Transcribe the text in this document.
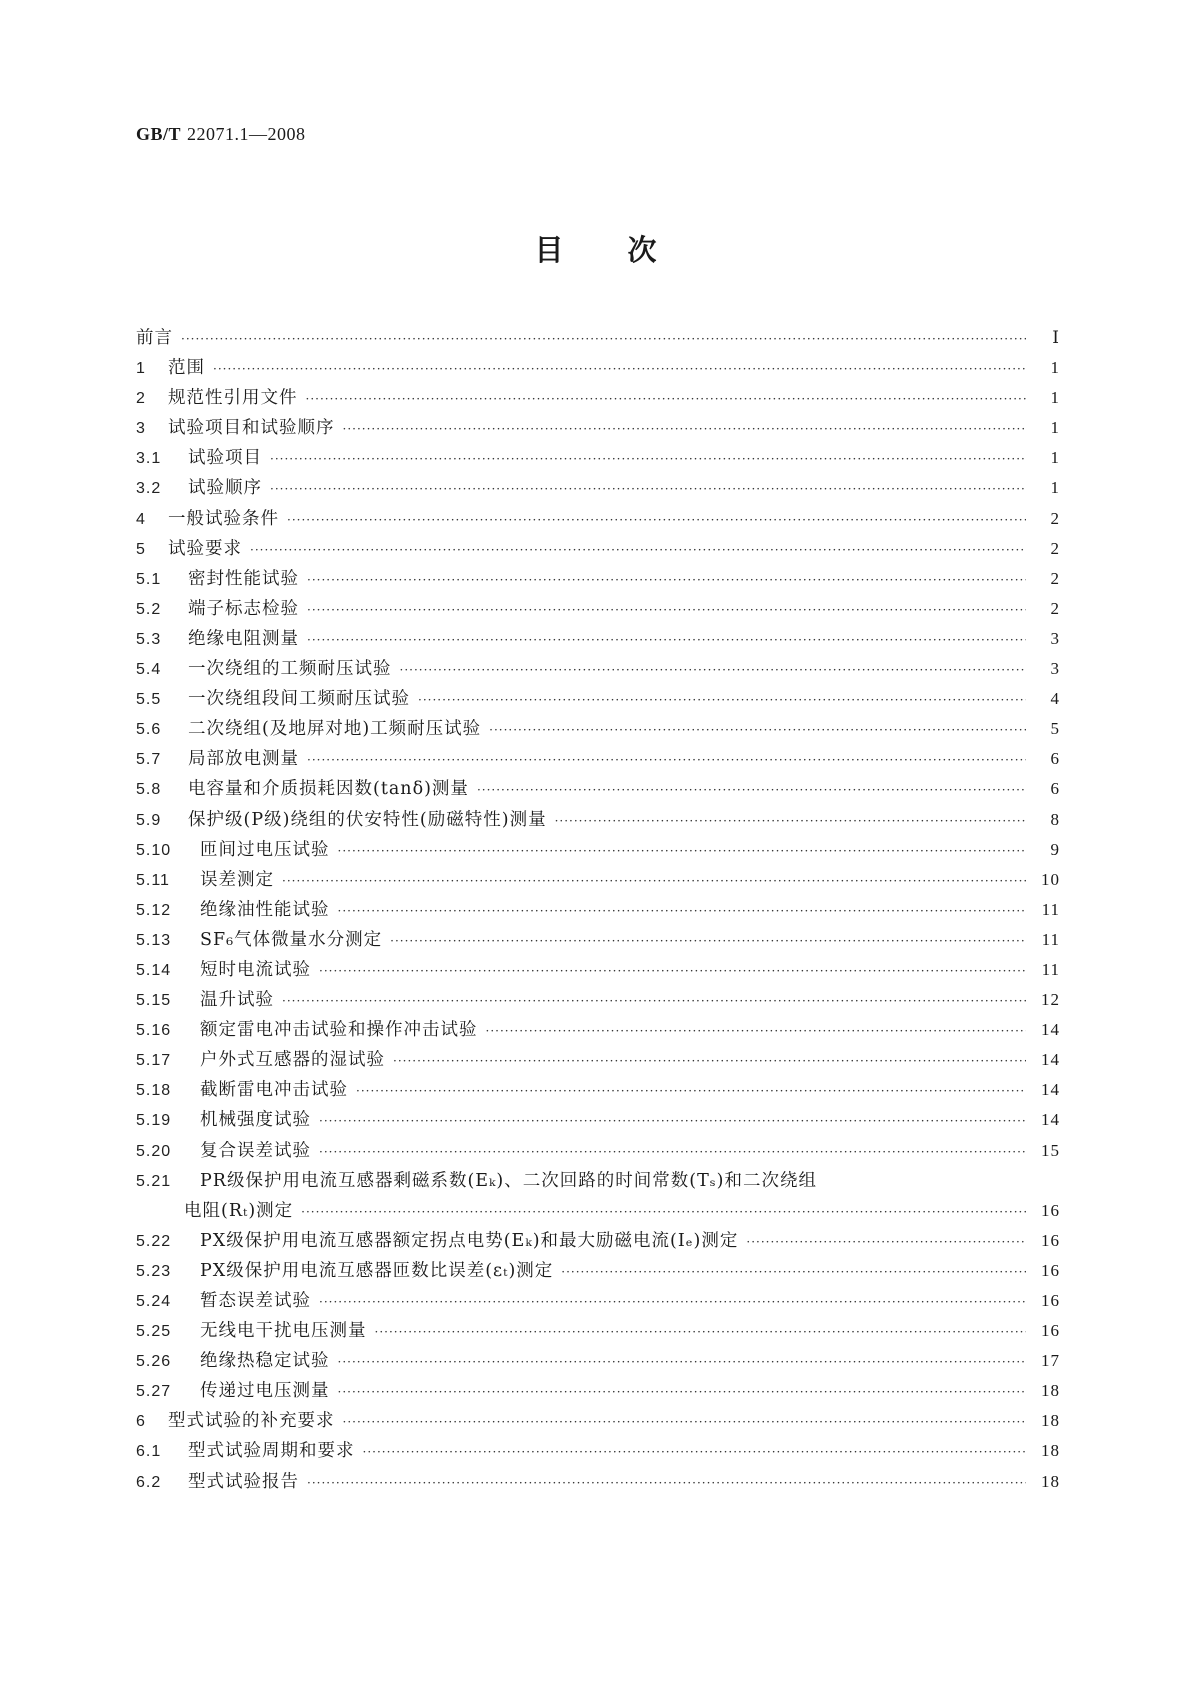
GB/T 22071.1—2008
目 次
前言 ·····	Ⅰ
1	范围 ·····	1
2	规范性引用文件 ·····	1
3	试验项目和试验顺序 ·····	1
3.1	试验项目 ·····	1
3.2	试验顺序 ·····	1
4	一般试验条件 ·····	2
5	试验要求 ·····	2
5.1	密封性能试验 ·····	2
5.2	端子标志检验 ·····	2
5.3	绝缘电阻测量 ·····	3
5.4	一次绕组的工频耐压试验 ·····	3
5.5	一次绕组段间工频耐压试验 ·····	4
5.6	二次绕组(及地屏对地)工频耐压试验 ·····	5
5.7	局部放电测量 ·····	6
5.8	电容量和介质损耗因数(tanδ)测量 ·····	6
5.9	保护级(P级)绕组的伏安特性(励磁特性)测量 ·····	8
5.10	匝间过电压试验 ·····	9
5.11	误差测定 ·····	10
5.12	绝缘油性能试验 ·····	11
5.13	SF₆气体微量水分测定 ·····	11
5.14	短时电流试验 ·····	11
5.15	温升试验 ·····	12
5.16	额定雷电冲击试验和操作冲击试验 ·····	14
5.17	户外式互感器的湿试验 ·····	14
5.18	截断雷电冲击试验 ·····	14
5.19	机械强度试验 ·····	14
5.20	复合误差试验 ·····	15
5.21	PR级保护用电流互感器剩磁系数(Eₖ)、二次回路的时间常数(Tₛ)和二次绕组
电阻(Rₜ)测定 ·····	16
5.22	PX级保护用电流互感器额定拐点电势(Eₖ)和最大励磁电流(Iₑ)测定 ·····	16
5.23	PX级保护用电流互感器匝数比误差(εₜ)测定 ·····	16
5.24	暂态误差试验 ·····	16
5.25	无线电干扰电压测量 ·····	16
5.26	绝缘热稳定试验 ·····	17
5.27	传递过电压测量 ·····	18
6	型式试验的补充要求 ·····	18
6.1	型式试验周期和要求 ·····	18
6.2	型式试验报告 ·····	18
